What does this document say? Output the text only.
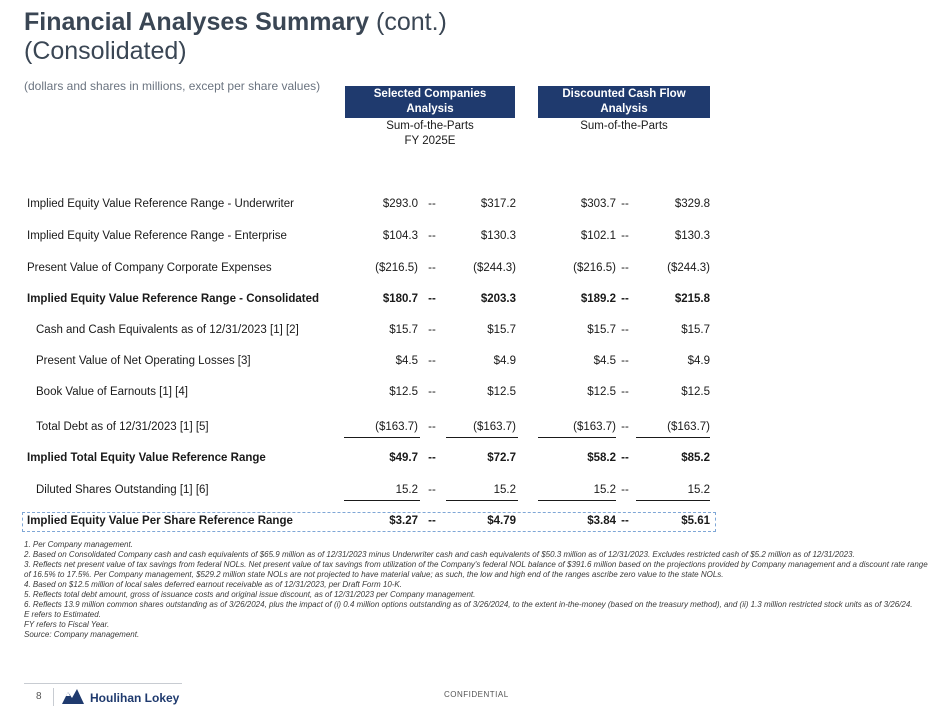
Financial Analyses Summary (cont.)
(Consolidated)
(dollars and shares in millions, except per share values)
Selected Companies
Analysis
Discounted Cash Flow
Analysis
Sum-of-the-Parts
FY 2025E
Sum-of-the-Parts
Implied Equity Value Reference Range - Underwriter	$293.0 --	$317.2	$303.7 --	$329.8
Implied Equity Value Reference Range - Enterprise	$104.3 --	$130.3	$102.1 --	$130.3
Present Value of Company Corporate Expenses	($216.5) --	($244.3)	($216.5) --	($244.3)
Implied Equity Value Reference Range - Consolidated	$180.7 --	$203.3	$189.2 --	$215.8
Cash and Cash Equivalents as of 12/31/2023 [1] [2]	$15.7 --	$15.7	$15.7 --	$15.7
Present Value of Net Operating Losses [3]	$4.5 --	$4.9	$4.5 --	$4.9
Book Value of Earnouts [1] [4]	$12.5 --	$12.5	$12.5 --	$12.5
Total Debt as of 12/31/2023 [1] [5]	($163.7) --	($163.7)	($163.7) --	($163.7)
Implied Total Equity Value Reference Range	$49.7 --	$72.7	$58.2 --	$85.2
Diluted Shares Outstanding [1] [6]	15.2 --	15.2	15.2 --	15.2
Implied Equity Value Per Share Reference Range	$3.27 --	$4.79	$3.84 --	$5.61
1. Per Company management.
2. Based on Consolidated Company cash and cash equivalents of $65.9 million as of 12/31/2023 minus Underwriter cash and cash equivalents of $50.3 million as of 12/31/2023. Excludes restricted cash of $5.2 million as of 12/31/2023.
3. Reflects net present value of tax savings from federal NOLs. Net present value of tax savings from utilization of the Company's federal NOL balance of $391.6 million based on the projections provided by Company management and a discount rate range of 16.5% to 17.5%. Per Company management, $529.2 million state NOLs are not projected to have material value; as such, the low and high end of the ranges ascribe zero value to the state NOLs.
4. Based on $12.5 million of local sales deferred earnout receivable as of 12/31/2023, per Draft Form 10-K.
5. Reflects total debt amount, gross of issuance costs and original issue discount, as of 12/31/2023 per Company management.
6. Reflects 13.9 million common shares outstanding as of 3/26/2024, plus the impact of (i) 0.4 million options outstanding as of 3/26/2024, to the extent in-the-money (based on the treasury method), and (ii) 1.3 million restricted stock units as of 3/26/24.
E refers to Estimated.
FY refers to Fiscal Year.
Source: Company management.
8	Houlihan Lokey	CONFIDENTIAL
